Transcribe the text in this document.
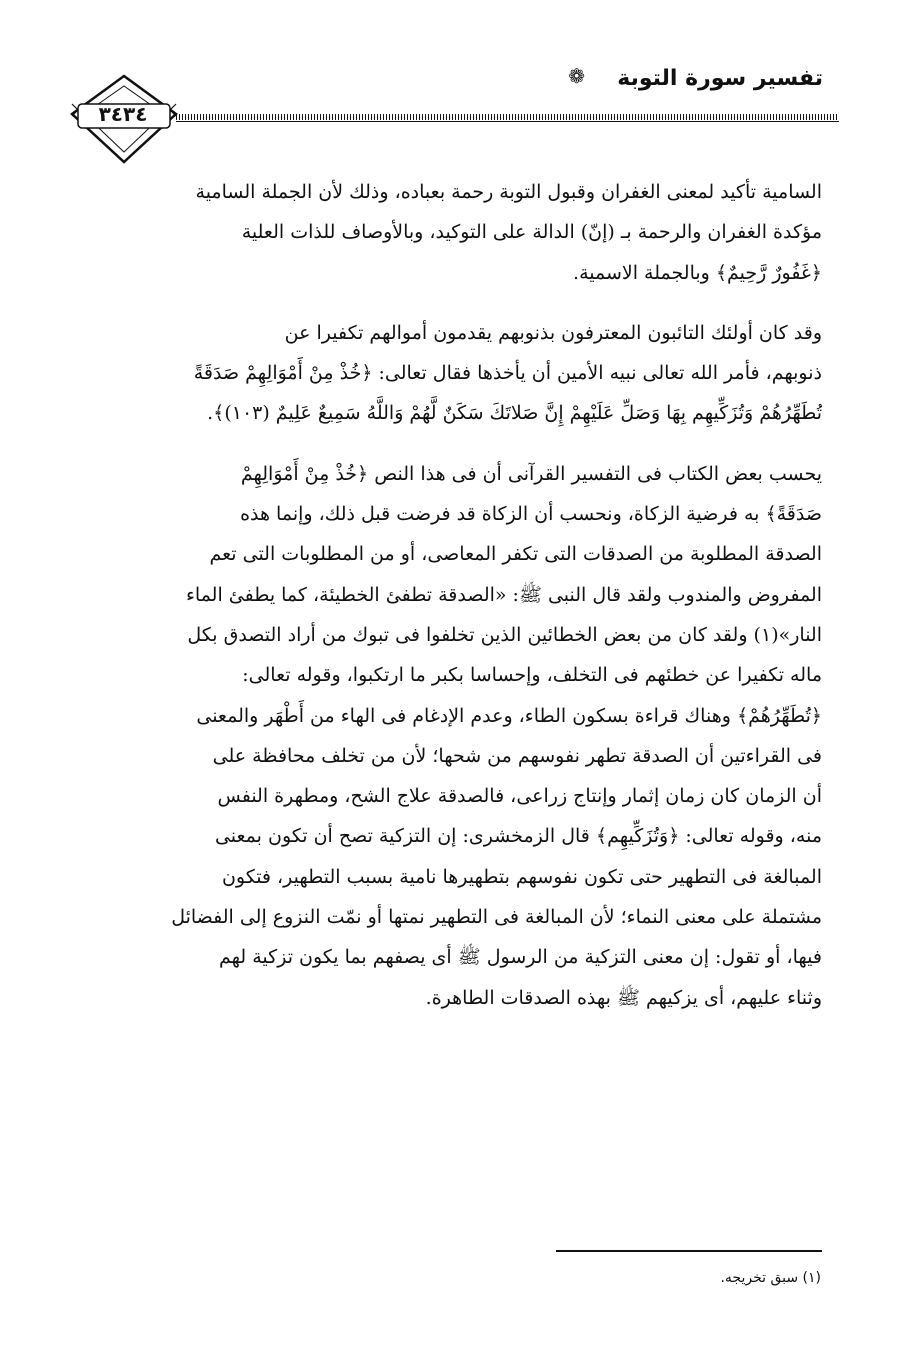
تفسير سورة التوبة
❁
٣٤٣٤

السامية تأكيد لمعنى الغفران وقبول التوبة رحمة بعباده، وذلك لأن الجملة السامية
مؤكدة الغفران والرحمة بـ (إنّ) الدالة على التوكيد، وبالأوصاف للذات العلية
﴿غَفُورٌ رَّحِيمٌ﴾ وبالجملة الاسمية.

وقد كان أولئك التائبون المعترفون بذنوبهم يقدمون أموالهم تكفيرا عن
ذنوبهم، فأمر الله تعالى نبيه الأمين أن يأخذها فقال تعالى: ﴿خُذْ مِنْ أَمْوَالِهِمْ صَدَقَةً
تُطَهِّرُهُمْ وَتُزَكِّيهِم بِهَا وَصَلِّ عَلَيْهِمْ إِنَّ صَلاتَكَ سَكَنٌ لَّهُمْ وَاللَّهُ سَمِيعٌ عَلِيمٌ (١٠٣)﴾.

يحسب بعض الكتاب فى التفسير القرآنى أن فى هذا النص ﴿خُذْ مِنْ أَمْوَالِهِمْ
صَدَقَةً﴾ به فرضية الزكاة، ونحسب أن الزكاة قد فرضت قبل ذلك، وإنما هذه
الصدقة المطلوبة من الصدقات التى تكفر المعاصى، أو من المطلوبات التى تعم
المفروض والمندوب ولقد قال النبى ﷺ: «الصدقة تطفئ الخطيئة، كما يطفئ الماء
النار»(١) ولقد كان من بعض الخطائين الذين تخلفوا فى تبوك من أراد التصدق بكل
ماله تكفيرا عن خطئهم فى التخلف، وإحساسا بكبر ما ارتكبوا، وقوله تعالى:
﴿تُطَهِّرُهُمْ﴾ وهناك قراءة بسكون الطاء، وعدم الإدغام فى الهاء من أَطْهَر والمعنى
فى القراءتين أن الصدقة تطهر نفوسهم من شحها؛ لأن من تخلف محافظة على
أن الزمان كان زمان إثمار وإنتاج زراعى، فالصدقة علاج الشح، ومطهرة النفس
منه، وقوله تعالى: ﴿وَتُزَكِّيهِم﴾ قال الزمخشرى: إن التزكية تصح أن تكون بمعنى
المبالغة فى التطهير حتى تكون نفوسهم بتطهيرها نامية بسبب التطهير، فتكون
مشتملة على معنى النماء؛ لأن المبالغة فى التطهير نمتها أو نمّت النزوع إلى الفضائل
فيها، أو تقول: إن معنى التزكية من الرسول ﷺ أى يصفهم بما يكون تزكية لهم
وثناء عليهم، أى يزكيهم ﷺ بهذه الصدقات الطاهرة.

(١) سبق تخريجه.
